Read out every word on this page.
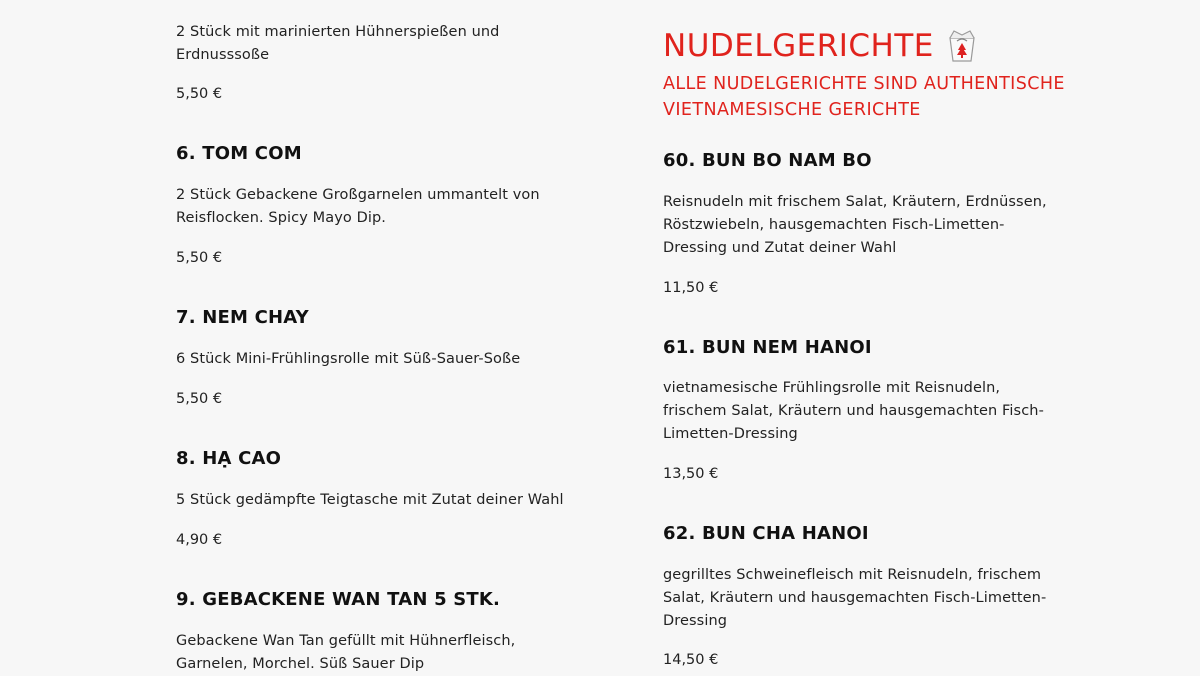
2 Stück mit marinierten Hühnerspießen und Erdnusssoße
5,50 €
6. TOM COM
2 Stück Gebackene Großgarnelen ummantelt von Reisflocken. Spicy Mayo Dip.
5,50 €
7. NEM CHAY
6 Stück Mini-Frühlingsrolle mit Süß-Sauer-Soße
5,50 €
8. HẠ CAO
5 Stück gedämpfte Teigtasche mit Zutat deiner Wahl
4,90 €
9. GEBACKENE WAN TAN 5 STK.
Gebackene Wan Tan gefüllt mit Hühnerfleisch, Garnelen, Morchel. Süß Sauer Dip
NUDELGERICHTE
ALLE NUDELGERICHTE SIND AUTHENTISCHE VIETNAMESISCHE GERICHTE
60. BUN BO NAM BO
Reisnudeln mit frischem Salat, Kräutern, Erdnüssen, Röstzwiebeln, hausgemachten Fisch-Limetten-Dressing und Zutat deiner Wahl
11,50 €
61. BUN NEM HANOI
vietnamesische Frühlingsrolle mit Reisnudeln, frischem Salat, Kräutern und hausgemachten Fisch-Limetten-Dressing
13,50 €
62. BUN CHA HANOI
gegrilltes Schweinefleisch mit Reisnudeln, frischem Salat, Kräutern und hausgemachten Fisch-Limetten-Dressing
14,50 €
